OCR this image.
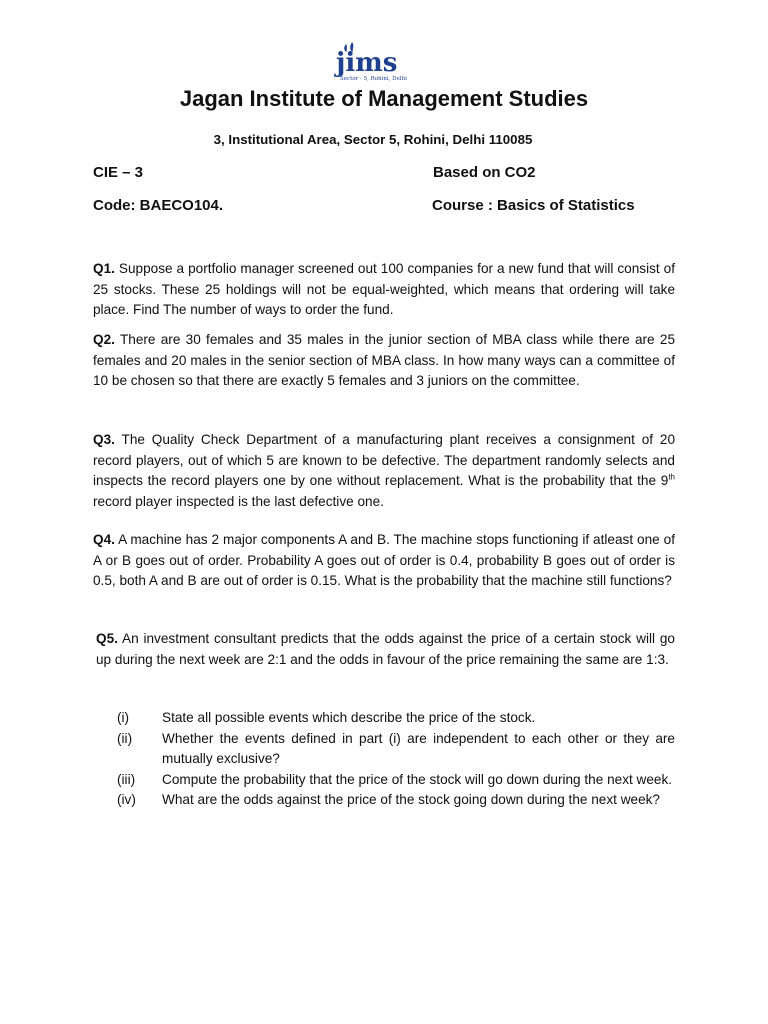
jims
Sector - 5, Rohini, Delhi
Jagan Institute of Management Studies
3, Institutional Area, Sector 5, Rohini, Delhi 110085
CIE – 3	Based on CO2
Code: BAECO104.	Course : Basics of Statistics
Q1. Suppose a portfolio manager screened out 100 companies for a new fund that will consist of 25 stocks. These 25 holdings will not be equal-weighted, which means that ordering will take place. Find The number of ways to order the fund.
Q2. There are 30 females and 35 males in the junior section of MBA class while there are 25 females and 20 males in the senior section of MBA class. In how many ways can a committee of 10 be chosen so that there are exactly 5 females and 3 juniors on the committee.
Q3. The Quality Check Department of a manufacturing plant receives a consignment of 20 record players, out of which 5 are known to be defective. The department randomly selects and inspects the record players one by one without replacement. What is the probability that the 9th record player inspected is the last defective one.
Q4. A machine has 2 major components A and B. The machine stops functioning if atleast one of A or B goes out of order. Probability A goes out of order is 0.4, probability B goes out of order is 0.5, both A and B are out of order is 0.15. What is the probability that the machine still functions?
Q5. An investment consultant predicts that the odds against the price of a certain stock will go up during the next week are 2:1 and the odds in favour of the price remaining the same are 1:3.
(i)	State all possible events which describe the price of the stock.
(ii)	Whether the events defined in part (i) are independent to each other or they are mutually exclusive?
(iii)	Compute the probability that the price of the stock will go down during the next week.
(iv)	What are the odds against the price of the stock going down during the next week?
